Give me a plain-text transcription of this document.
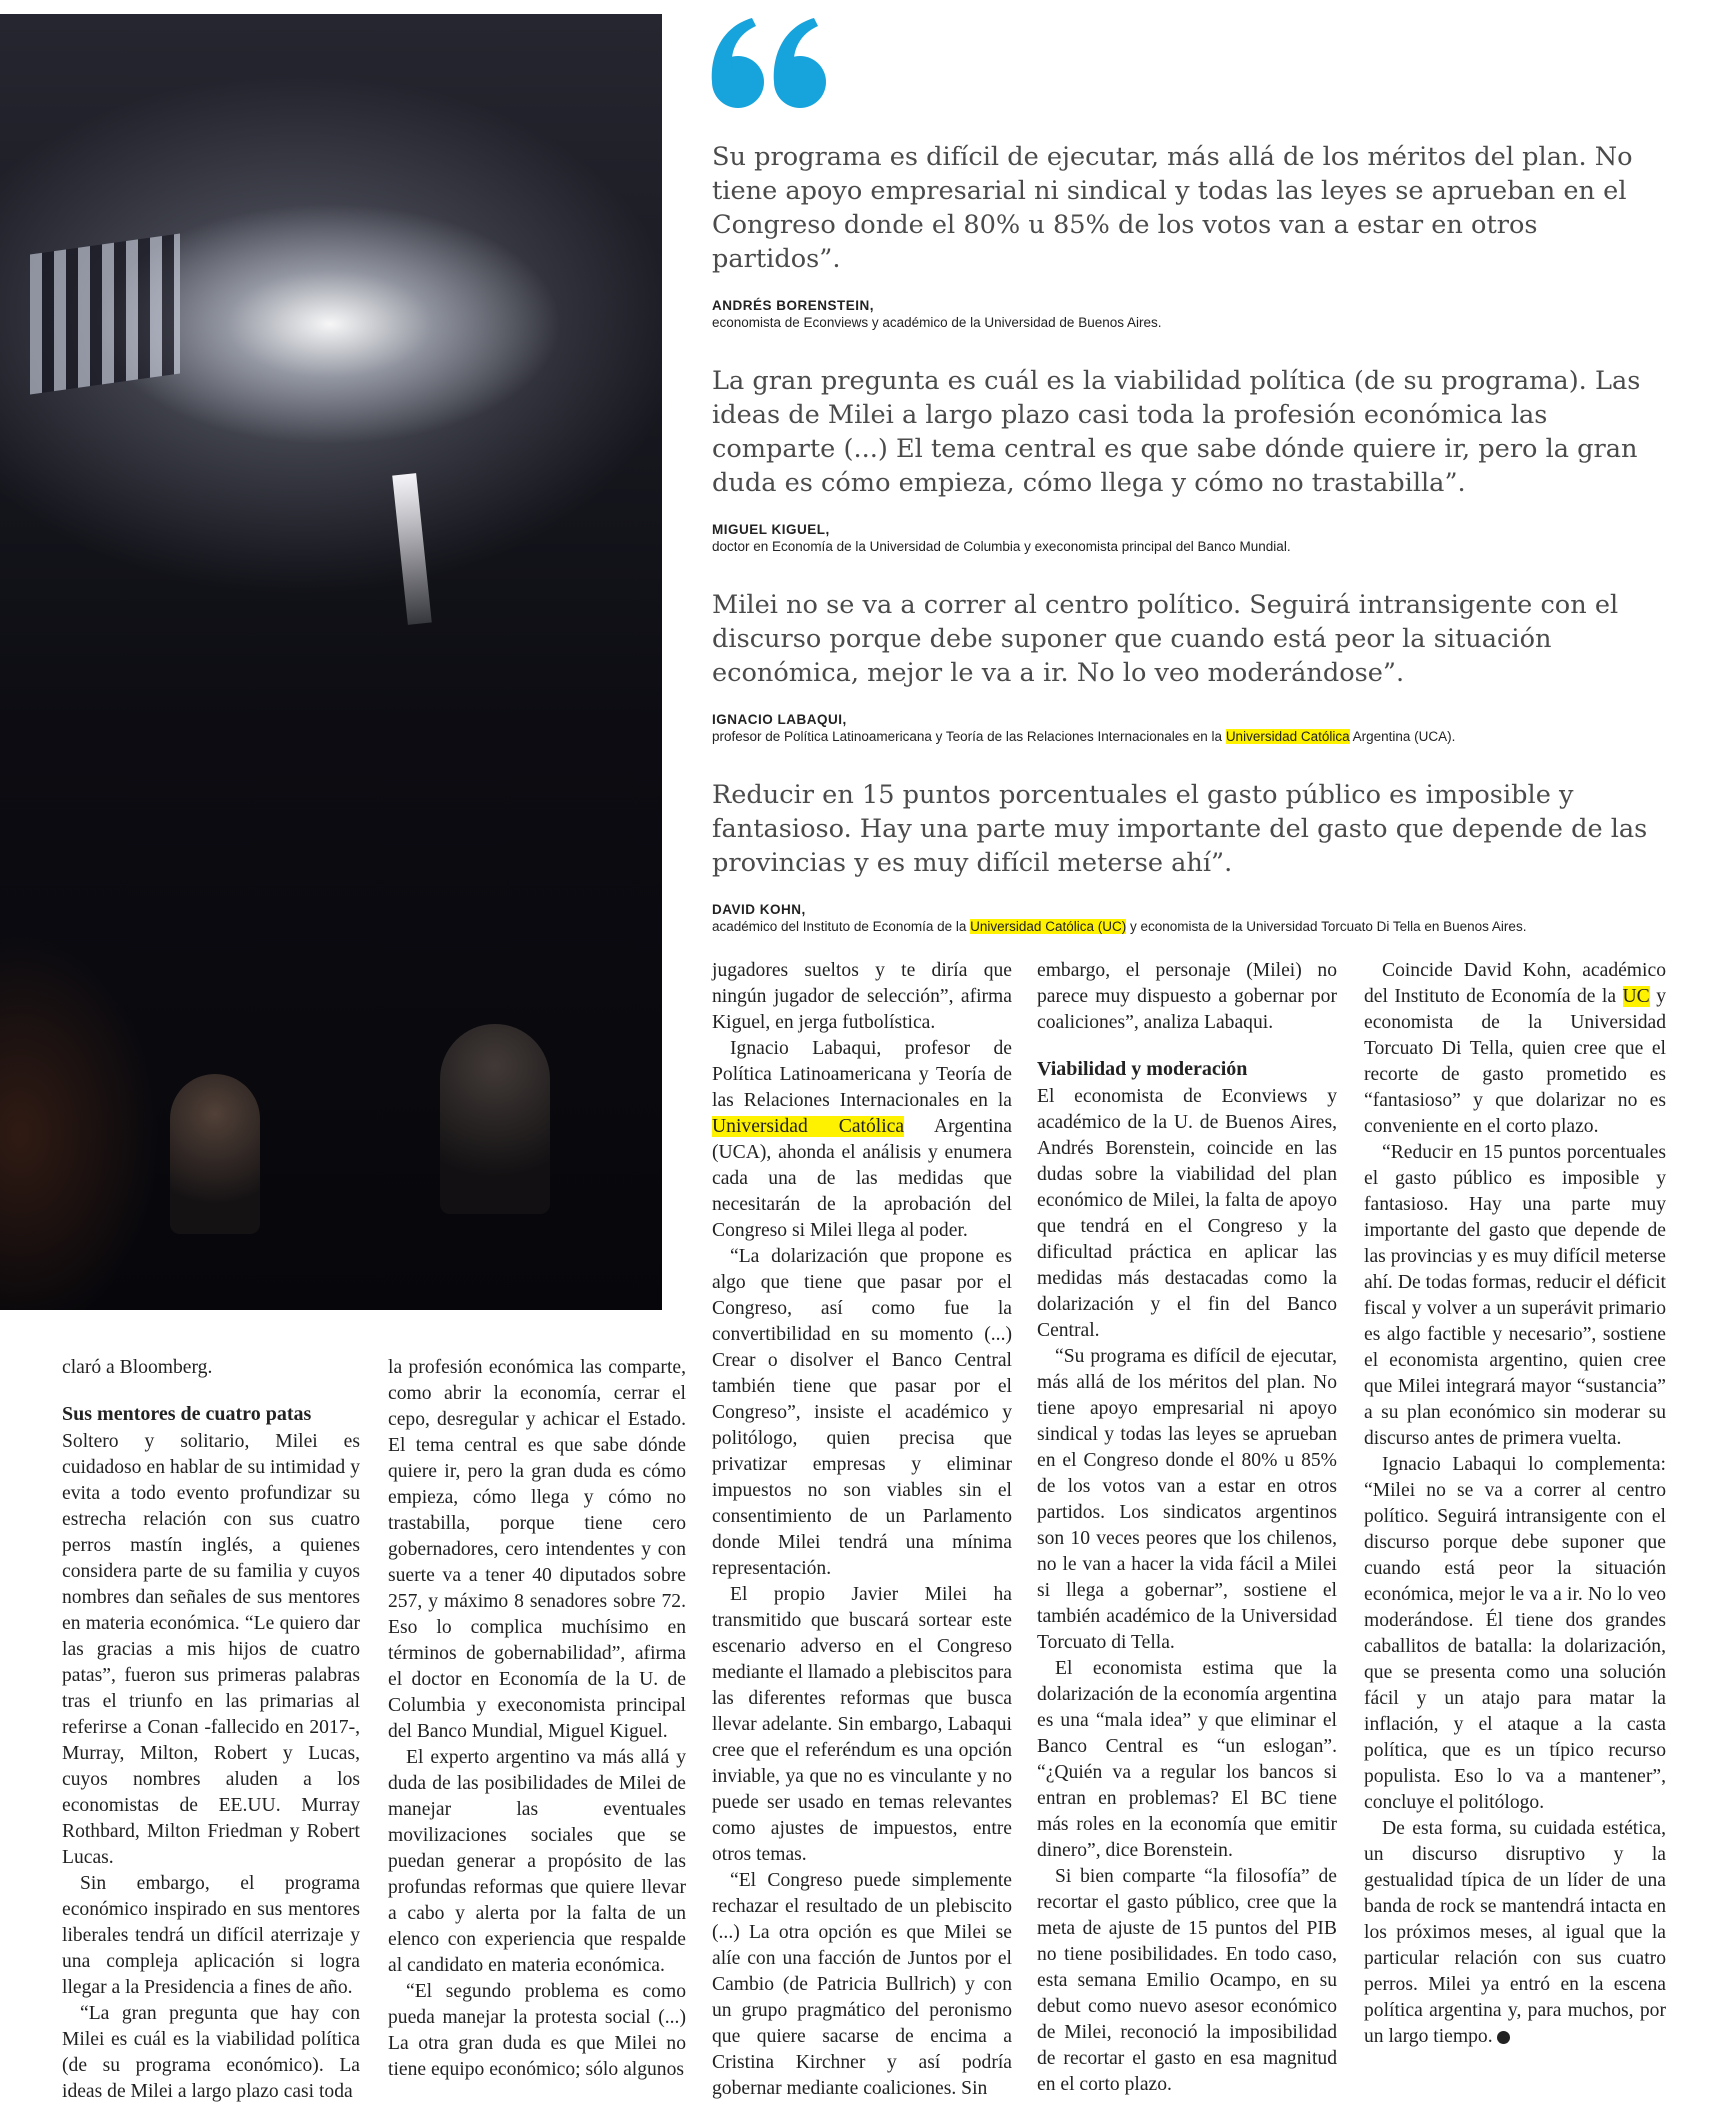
Su programa es difícil de ejecutar, más allá de los méritos del plan. No tiene apoyo empresarial ni sindical y todas las leyes se aprueban en el Congreso donde el 80% u 85% de los votos van a estar en otros partidos”.

ANDRÉS BORENSTEIN,

economista de Econviews y académico de la Universidad de Buenos Aires.

La gran pregunta es cuál es la viabilidad política (de su programa). Las ideas de Milei a largo plazo casi toda la profesión económica las comparte (...) El tema central es que sabe dónde quiere ir, pero la gran duda es cómo empieza, cómo llega y cómo no trastabilla”.

MIGUEL KIGUEL,

doctor en Economía de la Universidad de Columbia y execonomista principal del Banco Mundial.

Milei no se va a correr al centro político. Seguirá intransigente con el discurso porque debe suponer que cuando está peor la situación económica, mejor le va a ir. No lo veo moderándose”.

IGNACIO LABAQUI,

profesor de Política Latinoamericana y Teoría de las Relaciones Internacionales en la Universidad Católica Argentina (UCA).

Reducir en 15 puntos porcentuales el gasto público es imposible y fantasioso. Hay una parte muy importante del gasto que depende de las provincias y es muy difícil meterse ahí”.

DAVID KOHN,

académico del Instituto de Economía de la Universidad Católica (UC) y economista de la Universidad Torcuato Di Tella en Buenos Aires.

claró a Bloomberg.

Sus mentores de cuatro patas

Soltero y solitario, Milei es cuidadoso en hablar de su intimidad y evita a todo evento profundizar su estrecha relación con sus cuatro perros mastín inglés, a quienes considera parte de su familia y cuyos nombres dan señales de sus mentores en materia económica. “Le quiero dar las gracias a mis hijos de cuatro patas”, fueron sus primeras palabras tras el triunfo en las primarias al referirse a Conan -fallecido en 2017-, Murray, Milton, Robert y Lucas, cuyos nombres aluden a los economistas de EE.UU. Murray Rothbard, Milton Friedman y Robert Lucas.

Sin embargo, el programa económico inspirado en sus mentores liberales tendrá un difícil aterrizaje y una compleja aplicación si logra llegar a la Presidencia a fines de año.

“La gran pregunta que hay con Milei es cuál es la viabilidad política (de su programa económico). La ideas de Milei a largo plazo casi toda

la profesión económica las comparte, como abrir la economía, cerrar el cepo, desregular y achicar el Estado. El tema central es que sabe dónde quiere ir, pero la gran duda es cómo empieza, cómo llega y cómo no trastabilla, porque tiene cero gobernadores, cero intendentes y con suerte va a tener 40 diputados sobre 257, y máximo 8 senadores sobre 72. Eso lo complica muchísimo en términos de gobernabilidad”, afirma el doctor en Economía de la U. de Columbia y execonomista principal del Banco Mundial, Miguel Kiguel.

El experto argentino va más allá y duda de las posibilidades de Milei de manejar las eventuales movilizaciones sociales que se puedan generar a propósito de las profundas reformas que quiere llevar a cabo y alerta por la falta de un elenco con experiencia que respalde al candidato en materia económica.

“El segundo problema es como pueda manejar la protesta social (...) La otra gran duda es que Milei no tiene equipo económico; sólo algunos

jugadores sueltos y te diría que ningún jugador de selección”, afirma Kiguel, en jerga futbolística.

Ignacio Labaqui, profesor de Política Latinoamericana y Teoría de las Relaciones Internacionales en la Universidad Católica Argentina (UCA), ahonda el análisis y enumera cada una de las medidas que necesitarán de la aprobación del Congreso si Milei llega al poder.

“La dolarización que propone es algo que tiene que pasar por el Congreso, así como fue la convertibilidad en su momento (...) Crear o disolver el Banco Central también tiene que pasar por el Congreso”, insiste el académico y politólogo, quien precisa que privatizar empresas y eliminar impuestos no son viables sin el consentimiento de un Parlamento donde Milei tendrá una mínima representación.

El propio Javier Milei ha transmitido que buscará sortear este escenario adverso en el Congreso mediante el llamado a plebiscitos para las diferentes reformas que busca llevar adelante. Sin embargo, Labaqui cree que el referéndum es una opción inviable, ya que no es vinculante y no puede ser usado en temas relevantes como ajustes de impuestos, entre otros temas.

“El Congreso puede simplemente rechazar el resultado de un plebiscito (...) La otra opción es que Milei se alíe con una facción de Juntos por el Cambio (de Patricia Bullrich) y con un grupo pragmático del peronismo que quiere sacarse de encima a Cristina Kirchner y así podría gobernar mediante coaliciones. Sin

embargo, el personaje (Milei) no parece muy dispuesto a gobernar por coaliciones”, analiza Labaqui.

Viabilidad y moderación

El economista de Econviews y académico de la U. de Buenos Aires, Andrés Borenstein, coincide en las dudas sobre la viabilidad del plan económico de Milei, la falta de apoyo que tendrá en el Congreso y la dificultad práctica en aplicar las medidas más destacadas como la dolarización y el fin del Banco Central.

“Su programa es difícil de ejecutar, más allá de los méritos del plan. No tiene apoyo empresarial ni apoyo sindical y todas las leyes se aprueban en el Congreso donde el 80% u 85% de los votos van a estar en otros partidos. Los sindicatos argentinos son 10 veces peores que los chilenos, no le van a hacer la vida fácil a Milei si llega a gobernar”, sostiene el también académico de la Universidad Torcuato di Tella.

El economista estima que la dolarización de la economía argentina es una “mala idea” y que eliminar el Banco Central es “un eslogan”. “¿Quién va a regular los bancos si entran en problemas? El BC tiene más roles en la economía que emitir dinero”, dice Borenstein.

Si bien comparte “la filosofía” de recortar el gasto público, cree que la meta de ajuste de 15 puntos del PIB no tiene posibilidades. En todo caso, esta semana Emilio Ocampo, en su debut como nuevo asesor económico de Milei, reconoció la imposibilidad de recortar el gasto en esa magnitud en el corto plazo.

Coincide David Kohn, académico del Instituto de Economía de la UC y economista de la Universidad Torcuato Di Tella, quien cree que el recorte de gasto prometido es “fantasioso” y que dolarizar no es conveniente en el corto plazo.

“Reducir en 15 puntos porcentuales el gasto público es imposible y fantasioso. Hay una parte muy importante del gasto que depende de las provincias y es muy difícil meterse ahí. De todas formas, reducir el déficit fiscal y volver a un superávit primario es algo factible y necesario”, sostiene el economista argentino, quien cree que Milei integrará mayor “sustancia” a su plan económico sin moderar su discurso antes de primera vuelta.

Ignacio Labaqui lo complementa: “Milei no se va a correr al centro político. Seguirá intransigente con el discurso porque debe suponer que cuando está peor la situación económica, mejor le va a ir. No lo veo moderándose. Él tiene dos grandes caballitos de batalla: la dolarización, que se presenta como una solución fácil y un atajo para matar la inflación, y el ataque a la casta política, que es un típico recurso populista. Eso lo va a mantener”, concluye el politólogo.

De esta forma, su cuidada estética, un discurso disruptivo y la gestualidad típica de un líder de una banda de rock se mantendrá intacta en los próximos meses, al igual que la particular relación con sus cuatro perros. Milei ya entró en la escena política argentina y, para muchos, por un largo tiempo.
